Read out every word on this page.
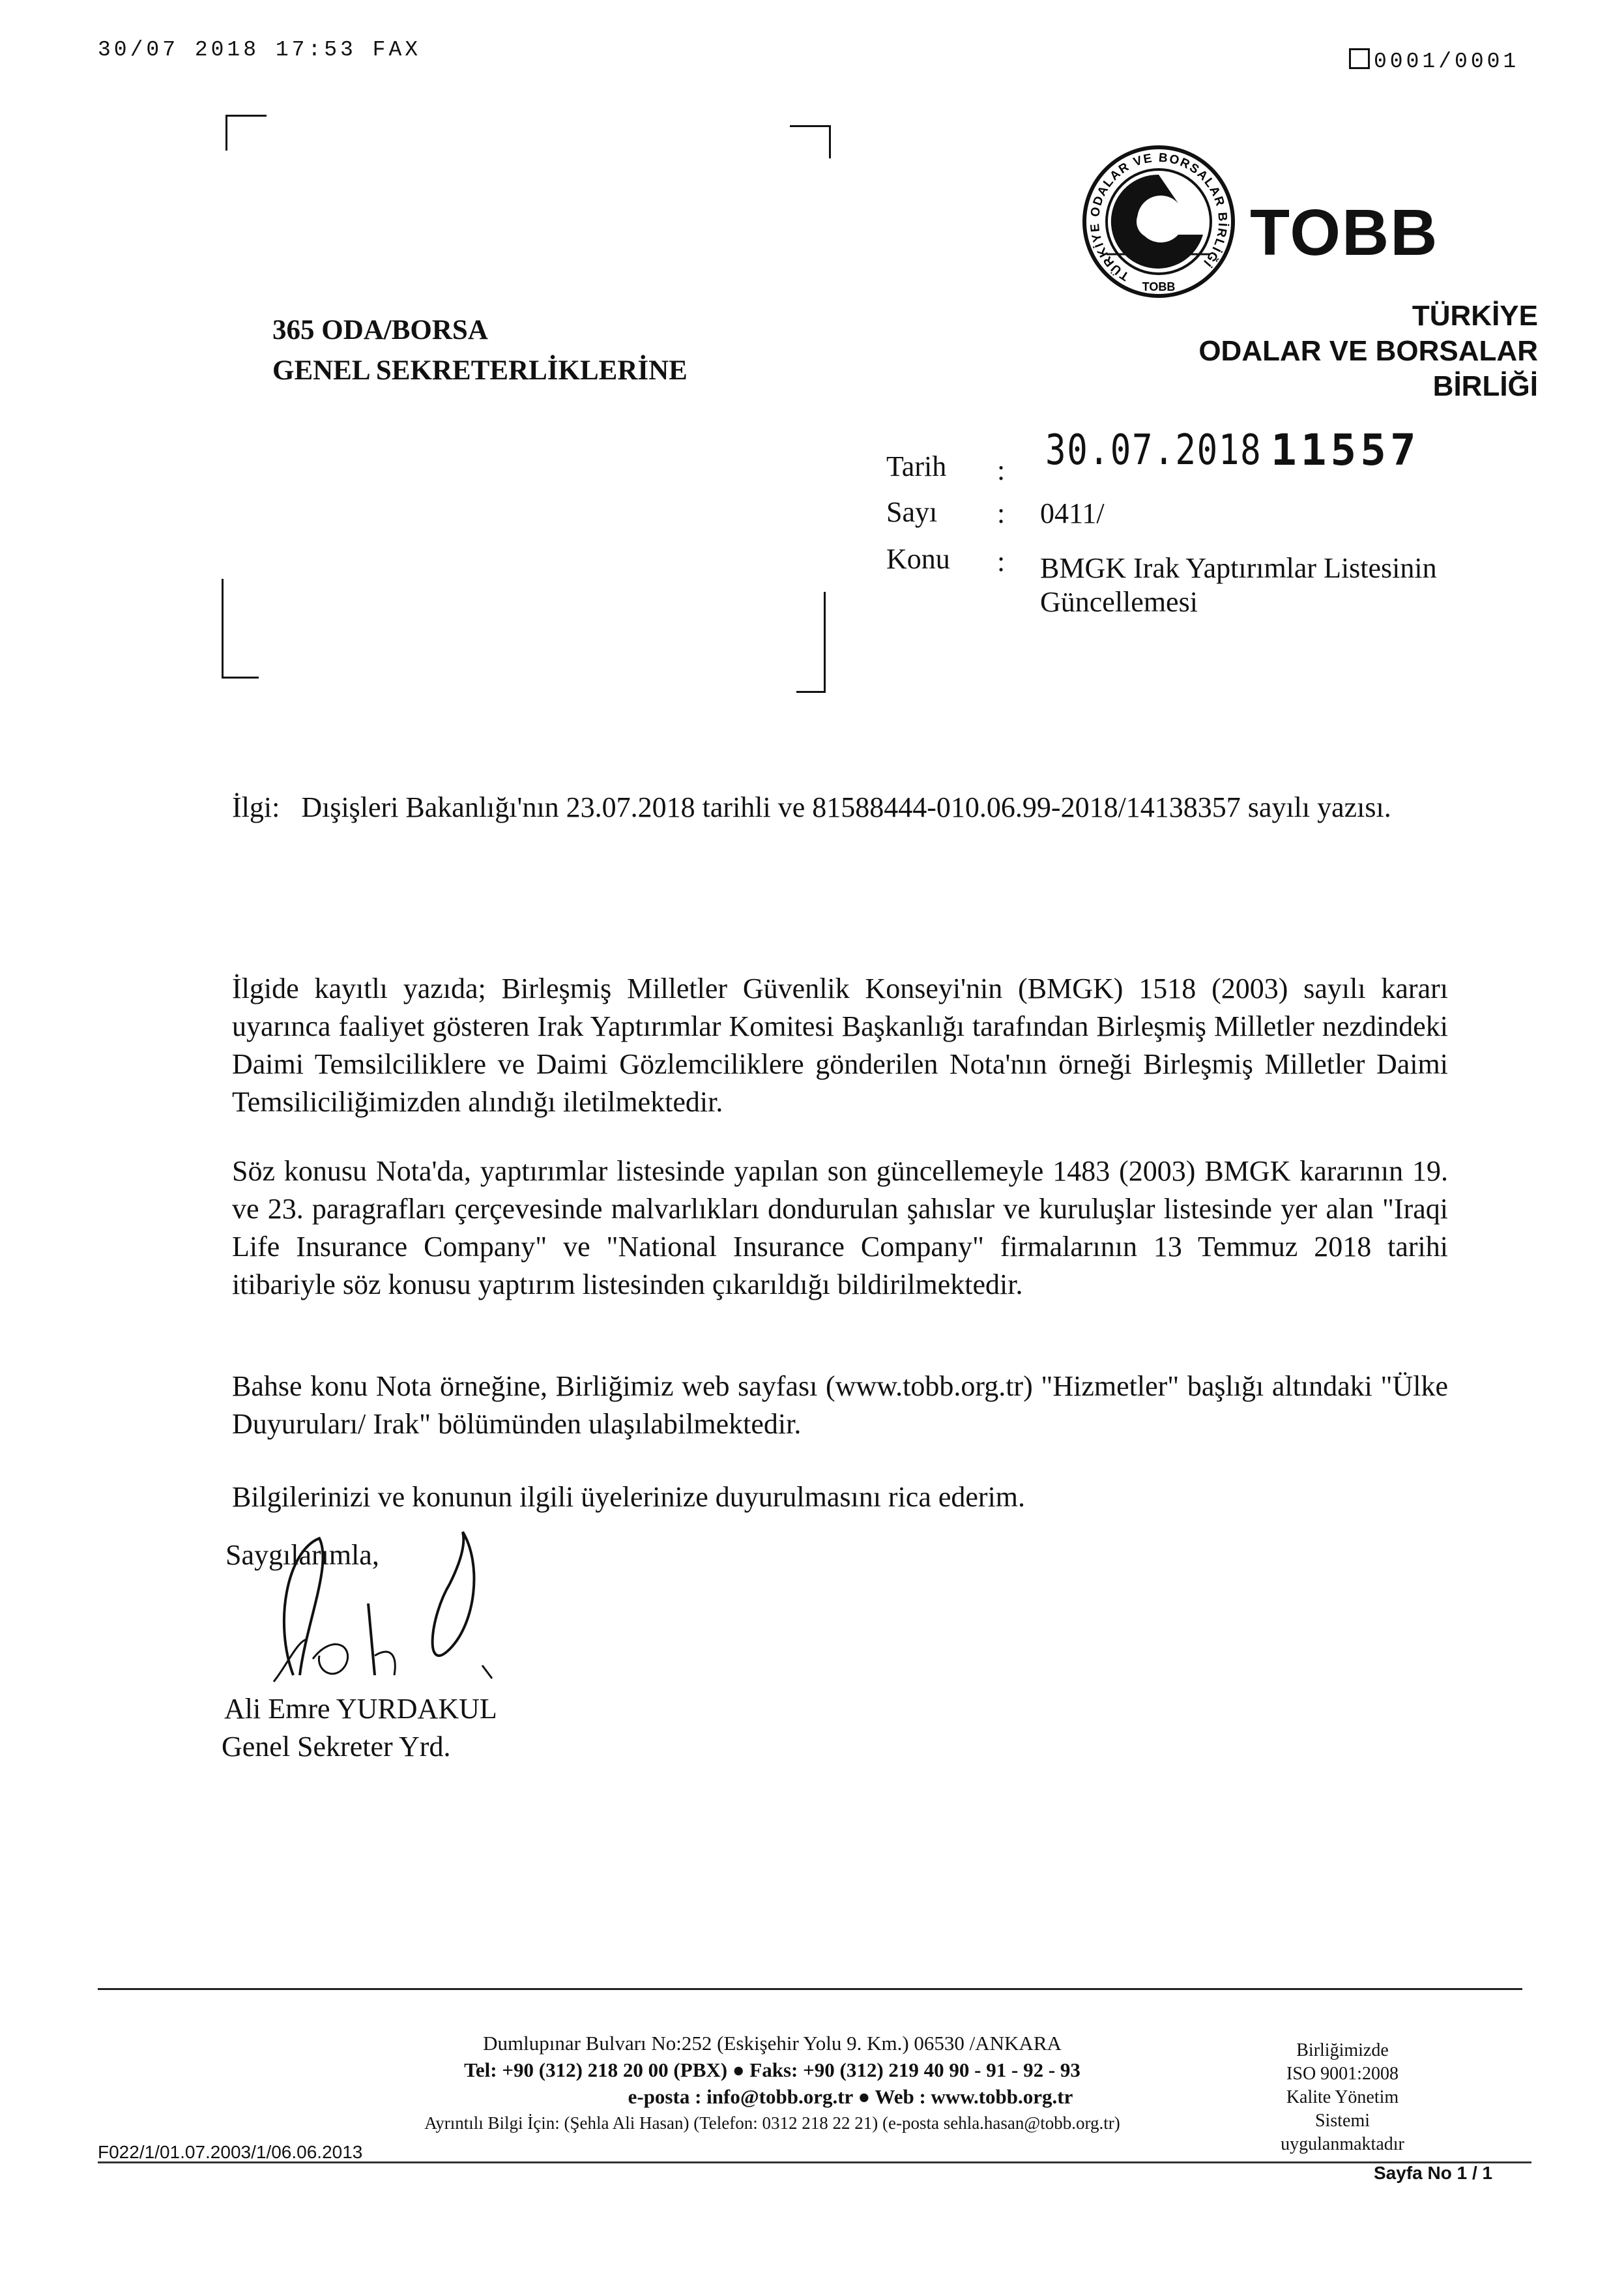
30/07 2018 17:53 FAX	0001/0001
TÜRKİYE ODALAR VE BORSALAR BİRLİĞİ
TOBB
TOBB
TÜRKİYE
ODALAR VE BORSALAR
BİRLİĞİ
365 ODA/BORSA
GENEL SEKRETERLİKLERİNE
Tarih : 30.07.2018 11557
Sayı : 0411/
Konu : BMGK Irak Yaptırımlar Listesinin
Güncellemesi
İlgi: Dışişleri Bakanlığı'nın 23.07.2018 tarihli ve 81588444-010.06.99-2018/14138357 sayılı yazısı.
İlgide kayıtlı yazıda; Birleşmiş Milletler Güvenlik Konseyi'nin (BMGK) 1518 (2003) sayılı kararı uyarınca faaliyet gösteren Irak Yaptırımlar Komitesi Başkanlığı tarafından Birleşmiş Milletler nezdindeki Daimi Temsilciliklere ve Daimi Gözlemciliklere gönderilen Nota'nın örneği Birleşmiş Milletler Daimi Temsiliciliğimizden alındığı iletilmektedir.
Söz konusu Nota'da, yaptırımlar listesinde yapılan son güncellemeyle 1483 (2003) BMGK kararının 19. ve 23. paragrafları çerçevesinde malvarlıkları dondurulan şahıslar ve kuruluşlar listesinde yer alan "Iraqi Life Insurance Company" ve "National Insurance Company" firmalarının 13 Temmuz 2018 tarihi itibariyle söz konusu yaptırım listesinden çıkarıldığı bildirilmektedir.
Bahse konu Nota örneğine, Birliğimiz web sayfası (www.tobb.org.tr) "Hizmetler" başlığı altındaki "Ülke Duyuruları/ Irak" bölümünden ulaşılabilmektedir.
Bilgilerinizi ve konunun ilgili üyelerinize duyurulmasını rica ederim.
Saygılarımla,
Ali Emre YURDAKUL
Genel Sekreter Yrd.
Dumlupınar Bulvarı No:252 (Eskişehir Yolu 9. Km.) 06530 /ANKARA
Tel: +90 (312) 218 20 00 (PBX) ● Faks: +90 (312) 219 40 90 - 91 - 92 - 93
e-posta : info@tobb.org.tr ● Web : www.tobb.org.tr
Ayrıntılı Bilgi İçin: (Şehla Ali Hasan) (Telefon: 0312 218 22 21) (e-posta sehla.hasan@tobb.org.tr)
Birliğimizde
ISO 9001:2008
Kalite Yönetim Sistemi
uygulanmaktadır
F022/1/01.07.2003/1/06.06.2013
Sayfa No 1 / 1
